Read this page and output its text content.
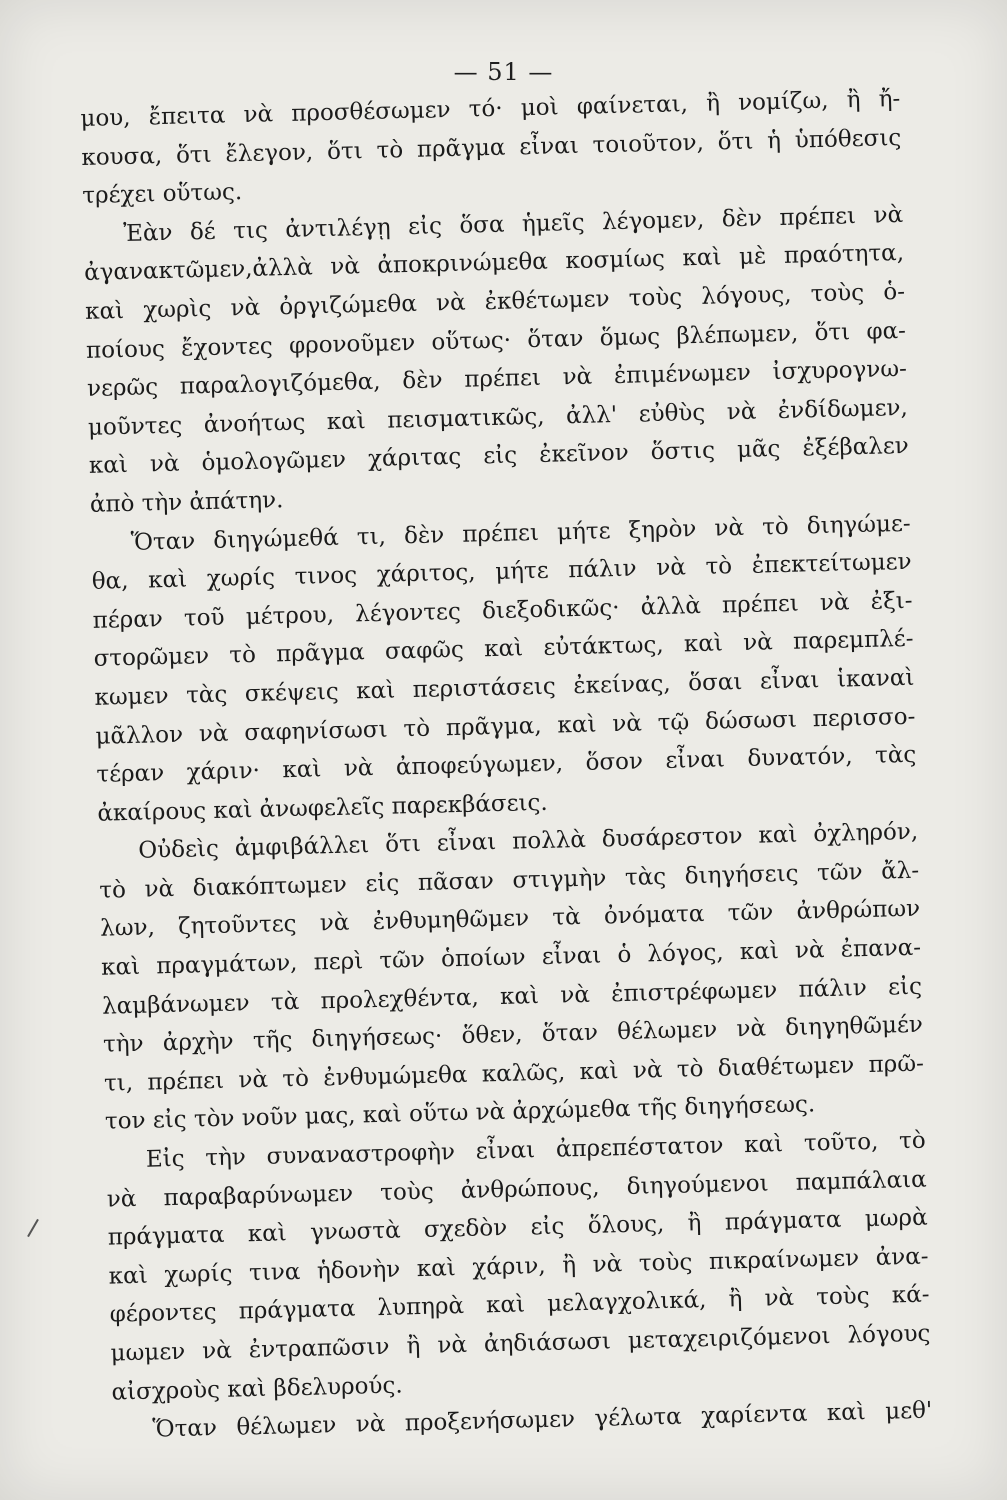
— 51 —
μου, ἔπειτα νὰ προσθέσωμεν τό· μοὶ φαίνεται, ἢ νομίζω, ἢ ἤ-
κουσα, ὅτι ἔλεγον, ὅτι τὸ πρᾶγμα εἶναι τοιοῦτον, ὅτι ἡ ὑπόθεσις
τρέχει οὕτως.
Ἐὰν δέ τις ἀντιλέγῃ εἰς ὅσα ἡμεῖς λέγομεν, δὲν πρέπει νὰ
ἀγανακτῶμεν,ἀλλὰ νὰ ἀποκρινώμεθα κοσμίως καὶ μὲ πραότητα,
καὶ χωρὶς νὰ ὀργιζώμεθα νὰ ἐκθέτωμεν τοὺς λόγους, τοὺς ὁ-
ποίους ἔχοντες φρονοῦμεν οὕτως· ὅταν ὅμως βλέπωμεν, ὅτι φα-
νερῶς παραλογιζόμεθα, δὲν πρέπει νὰ ἐπιμένωμεν ἰσχυρογνω-
μοῦντες ἀνοήτως καὶ πεισματικῶς, ἀλλ' εὐθὺς νὰ ἐνδίδωμεν,
καὶ νὰ ὁμολογῶμεν χάριτας εἰς ἐκεῖνον ὅστις μᾶς ἐξέβαλεν
ἀπὸ τὴν ἀπάτην.
Ὅταν διηγώμεθά τι, δὲν πρέπει μήτε ξηρὸν νὰ τὸ διηγώμε-
θα, καὶ χωρίς τινος χάριτος, μήτε πάλιν νὰ τὸ ἐπεκτείτωμεν
πέραν τοῦ μέτρου, λέγοντες διεξοδικῶς· ἀλλὰ πρέπει νὰ ἐξι-
στορῶμεν τὸ πρᾶγμα σαφῶς καὶ εὐτάκτως, καὶ νὰ παρεμπλέ-
κωμεν τὰς σκέψεις καὶ περιστάσεις ἐκείνας, ὅσαι εἶναι ἱκαναὶ
μᾶλλον νὰ σαφηνίσωσι τὸ πρᾶγμα, καὶ νὰ τῷ δώσωσι περισσο-
τέραν χάριν· καὶ νὰ ἀποφεύγωμεν, ὅσον εἶναι δυνατόν, τὰς
ἀκαίρους καὶ ἀνωφελεῖς παρεκβάσεις.
Οὐδεὶς ἀμφιβάλλει ὅτι εἶναι πολλὰ δυσάρεστον καὶ ὀχληρόν,
τὸ νὰ διακόπτωμεν εἰς πᾶσαν στιγμὴν τὰς διηγήσεις τῶν ἄλ-
λων, ζητοῦντες νὰ ἐνθυμηθῶμεν τὰ ὀνόματα τῶν ἀνθρώπων
καὶ πραγμάτων, περὶ τῶν ὁποίων εἶναι ὁ λόγος, καὶ νὰ ἐπανα-
λαμβάνωμεν τὰ προλεχθέντα, καὶ νὰ ἐπιστρέφωμεν πάλιν εἰς
τὴν ἀρχὴν τῆς διηγήσεως· ὅθεν, ὅταν θέλωμεν νὰ διηγηθῶμέν
τι, πρέπει νὰ τὸ ἐνθυμώμεθα καλῶς, καὶ νὰ τὸ διαθέτωμεν πρῶ-
τον εἰς τὸν νοῦν μας, καὶ οὕτω νὰ ἀρχώμεθα τῆς διηγήσεως.
Εἰς τὴν συναναστροφὴν εἶναι ἀπρεπέστατον καὶ τοῦτο, τὸ
νὰ παραβαρύνωμεν τοὺς ἀνθρώπους, διηγούμενοι παμπάλαια
πράγματα καὶ γνωστὰ σχεδὸν εἰς ὅλους, ἢ πράγματα μωρὰ
καὶ χωρίς τινα ἡδονὴν καὶ χάριν, ἢ νὰ τοὺς πικραίνωμεν ἀνα-
φέροντες πράγματα λυπηρὰ καὶ μελαγχολικά, ἢ νὰ τοὺς κά-
μωμεν νὰ ἐντραπῶσιν ἢ νὰ ἀηδιάσωσι μεταχειριζόμενοι λόγους
αἰσχροὺς καὶ βδελυρούς.
Ὅταν θέλωμεν νὰ προξενήσωμεν γέλωτα χαρίεντα καὶ μεθ'
